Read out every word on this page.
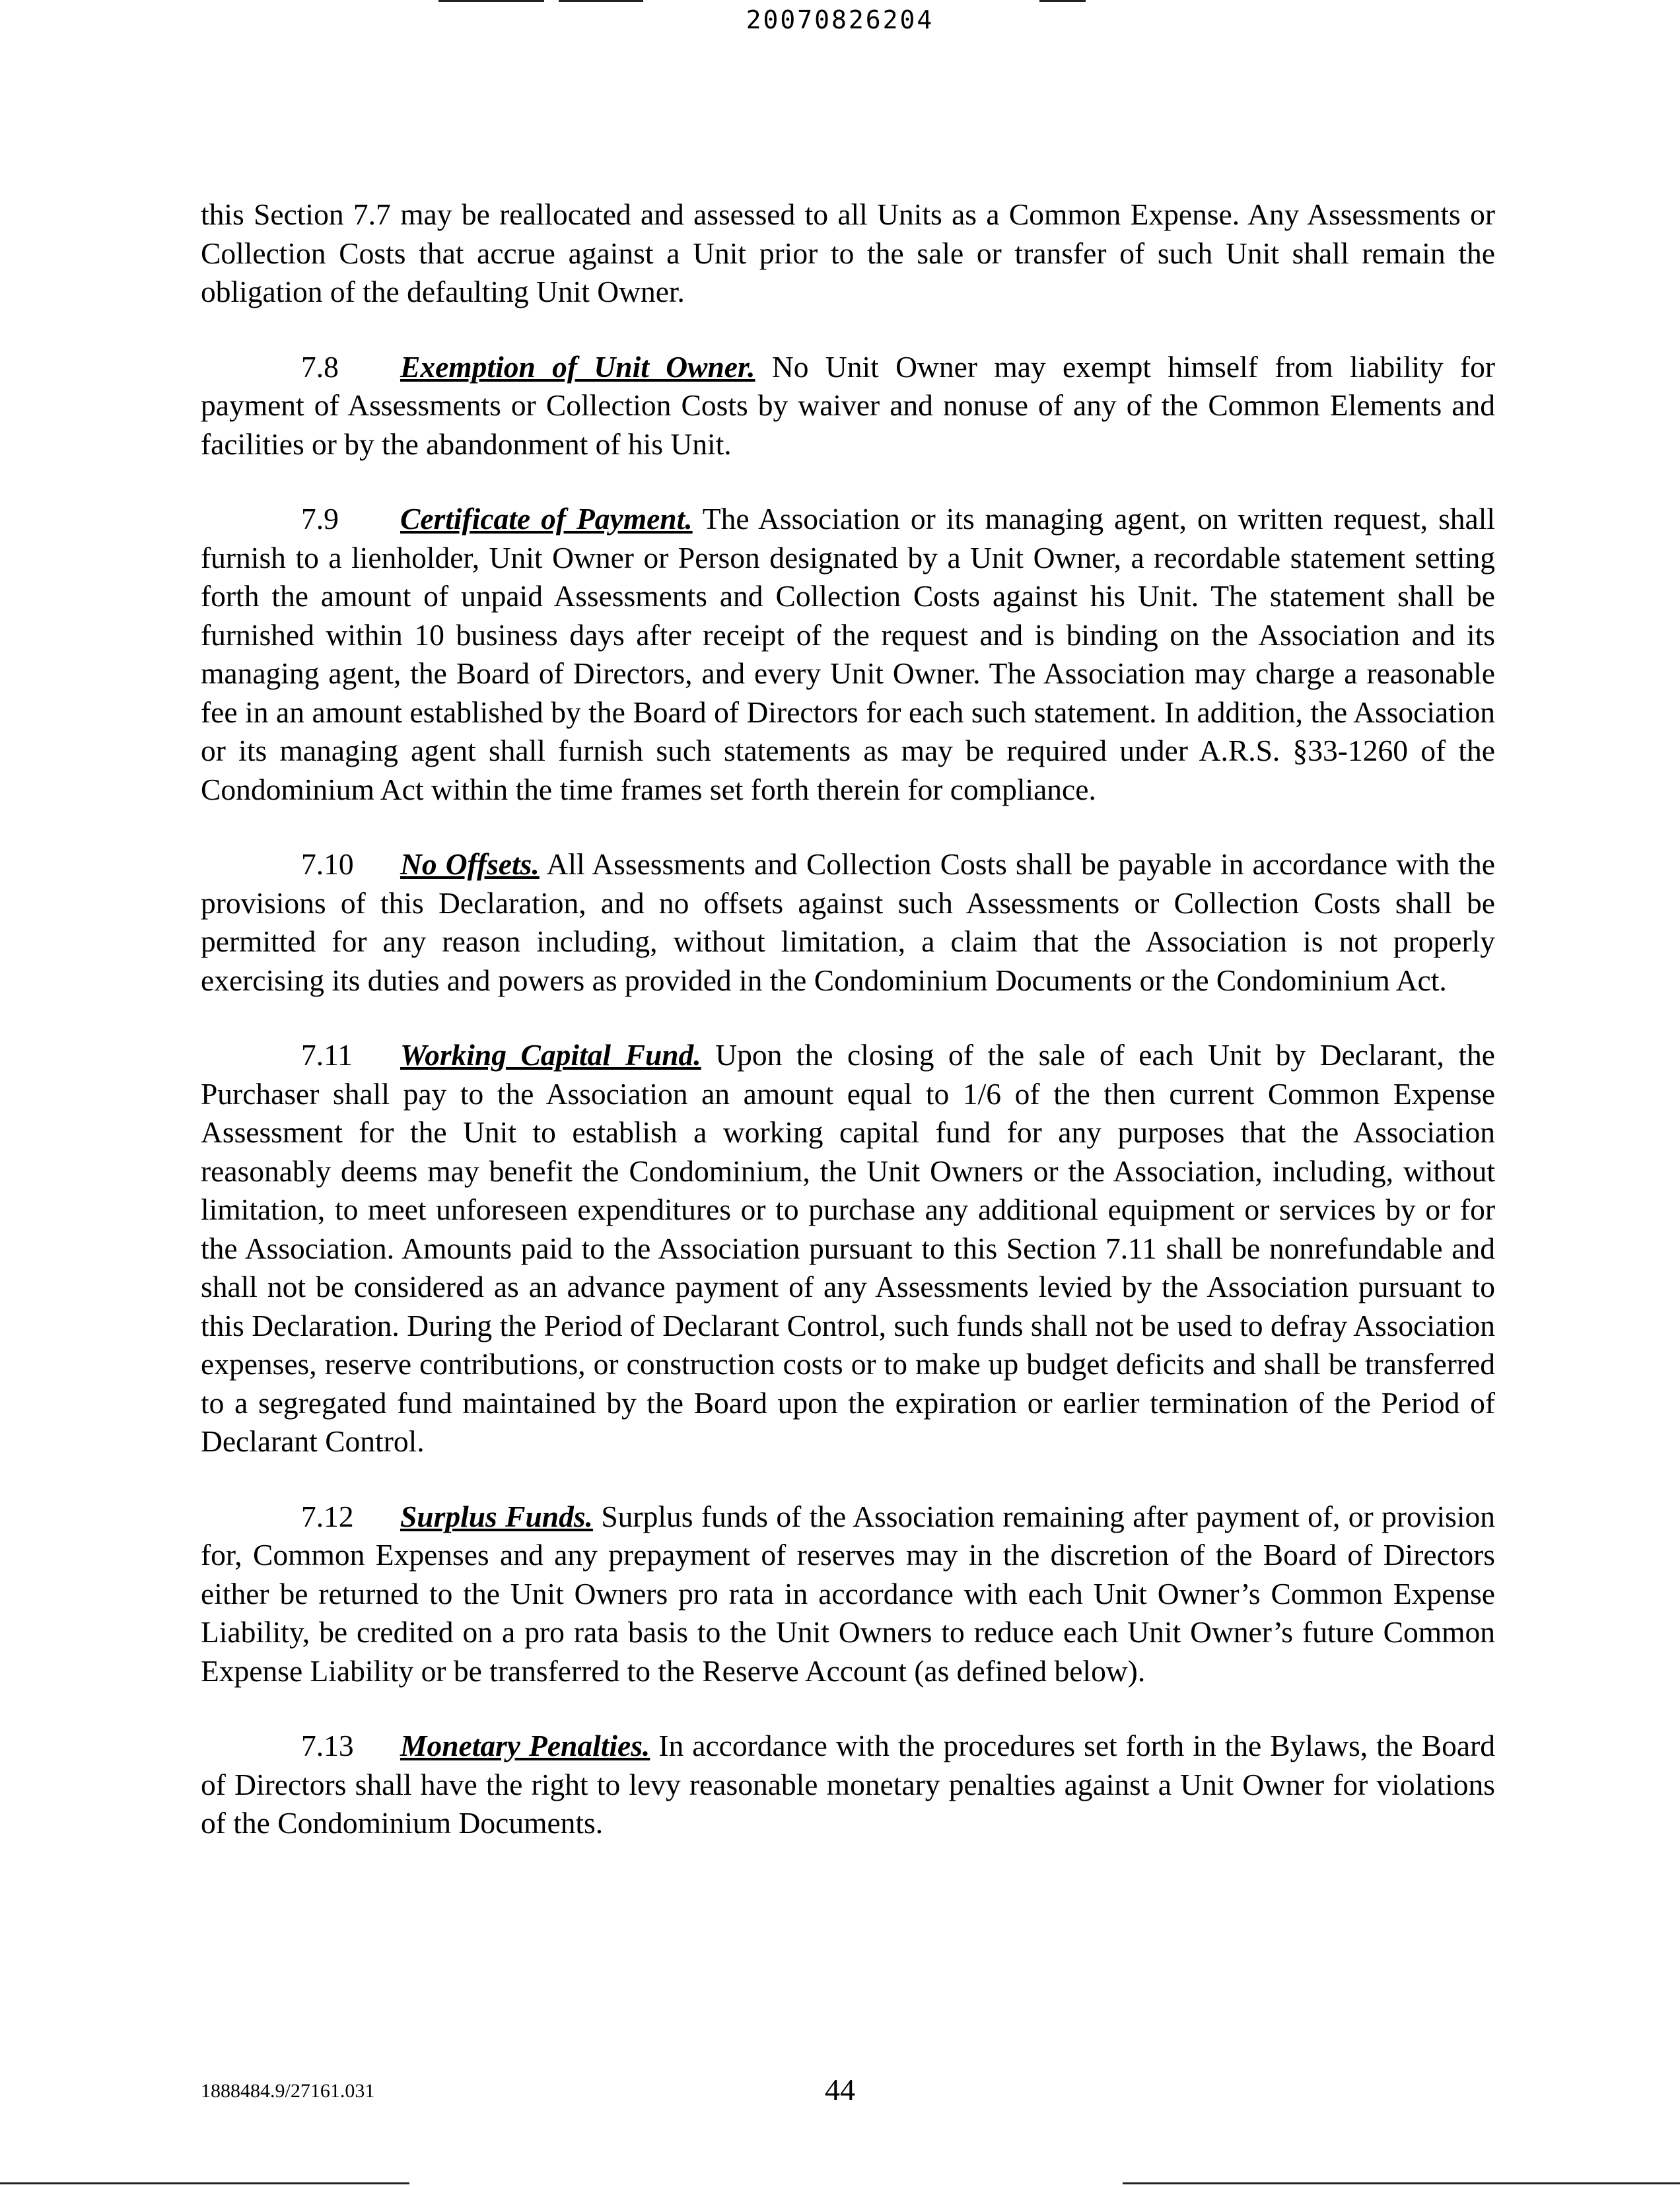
20070826204

this Section 7.7 may be reallocated and assessed to all Units as a Common Expense. Any Assessments or Collection Costs that accrue against a Unit prior to the sale or transfer of such Unit shall remain the obligation of the defaulting Unit Owner.

7.8 Exemption of Unit Owner. No Unit Owner may exempt himself from liability for payment of Assessments or Collection Costs by waiver and nonuse of any of the Common Elements and facilities or by the abandonment of his Unit.

7.9 Certificate of Payment. The Association or its managing agent, on written request, shall furnish to a lienholder, Unit Owner or Person designated by a Unit Owner, a recordable statement setting forth the amount of unpaid Assessments and Collection Costs against his Unit. The statement shall be furnished within 10 business days after receipt of the request and is binding on the Association and its managing agent, the Board of Directors, and every Unit Owner. The Association may charge a reasonable fee in an amount established by the Board of Directors for each such statement. In addition, the Association or its managing agent shall furnish such statements as may be required under A.R.S. §33-1260 of the Condominium Act within the time frames set forth therein for compliance.

7.10 No Offsets. All Assessments and Collection Costs shall be payable in accordance with the provisions of this Declaration, and no offsets against such Assessments or Collection Costs shall be permitted for any reason including, without limitation, a claim that the Association is not properly exercising its duties and powers as provided in the Condominium Documents or the Condominium Act.

7.11 Working Capital Fund. Upon the closing of the sale of each Unit by Declarant, the Purchaser shall pay to the Association an amount equal to 1/6 of the then current Common Expense Assessment for the Unit to establish a working capital fund for any purposes that the Association reasonably deems may benefit the Condominium, the Unit Owners or the Association, including, without limitation, to meet unforeseen expenditures or to purchase any additional equipment or services by or for the Association. Amounts paid to the Association pursuant to this Section 7.11 shall be nonrefundable and shall not be considered as an advance payment of any Assessments levied by the Association pursuant to this Declaration. During the Period of Declarant Control, such funds shall not be used to defray Association expenses, reserve contributions, or construction costs or to make up budget deficits and shall be transferred to a segregated fund maintained by the Board upon the expiration or earlier termination of the Period of Declarant Control.

7.12 Surplus Funds. Surplus funds of the Association remaining after payment of, or provision for, Common Expenses and any prepayment of reserves may in the discretion of the Board of Directors either be returned to the Unit Owners pro rata in accordance with each Unit Owner’s Common Expense Liability, be credited on a pro rata basis to the Unit Owners to reduce each Unit Owner’s future Common Expense Liability or be transferred to the Reserve Account (as defined below).

7.13 Monetary Penalties. In accordance with the procedures set forth in the Bylaws, the Board of Directors shall have the right to levy reasonable monetary penalties against a Unit Owner for violations of the Condominium Documents.

1888484.9/27161.031	44
